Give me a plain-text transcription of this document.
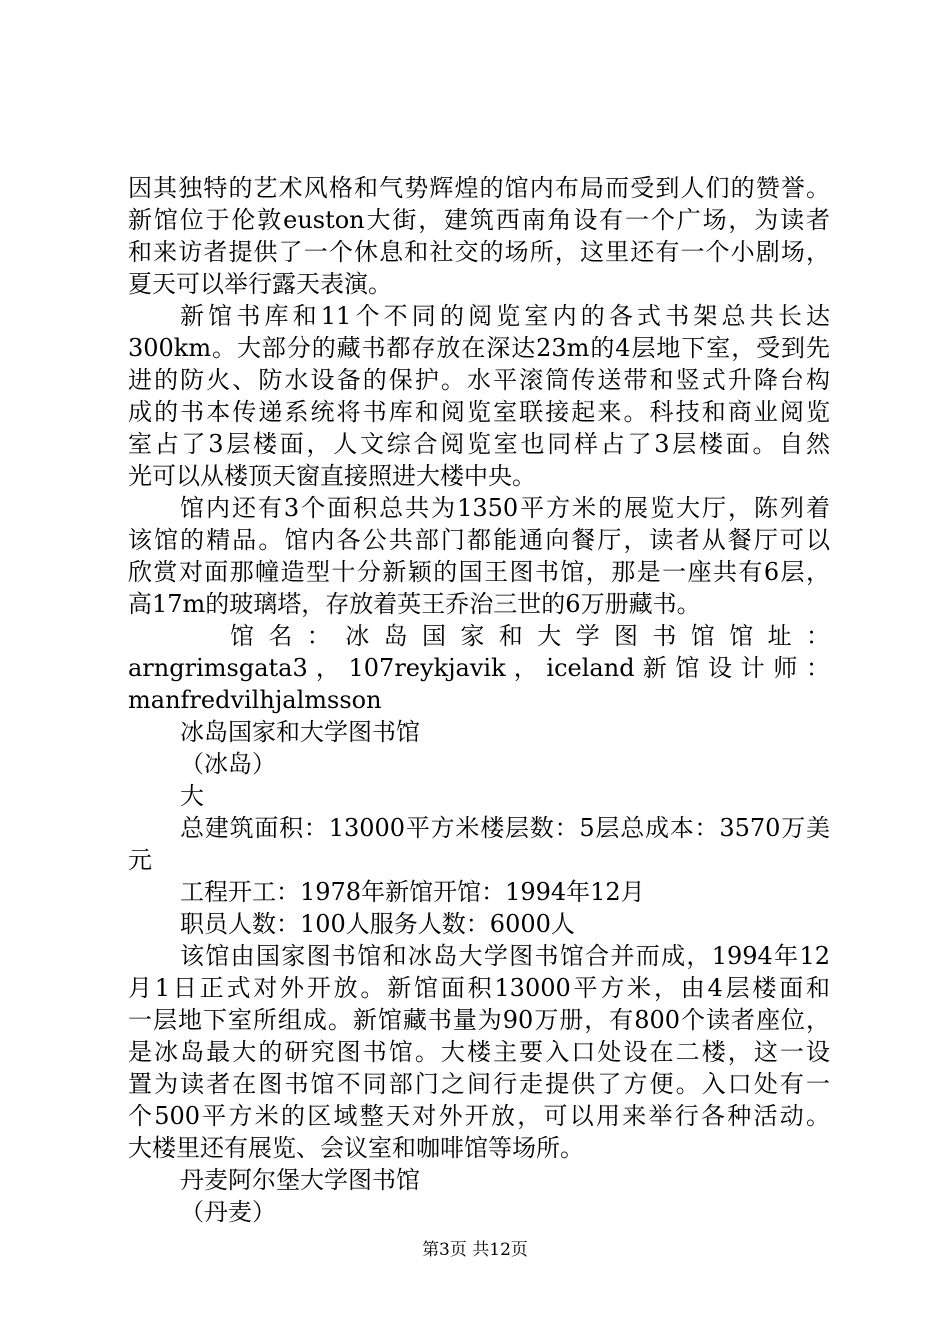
因其独特的艺术风格和气势辉煌的馆内布局而受到人们的赞誉。
新馆位于伦敦euston大街，建筑西南角设有一个广场，为读者
和来访者提供了一个休息和社交的场所，这里还有一个小剧场，
夏天可以举行露天表演。
新馆书库和11个不同的阅览室内的各式书架总共长达
300km。大部分的藏书都存放在深达23m的4层地下室，受到先
进的防火、防水设备的保护。水平滚筒传送带和竖式升降台构
成的书本传递系统将书库和阅览室联接起来。科技和商业阅览
室占了3层楼面，人文综合阅览室也同样占了3层楼面。自然
光可以从楼顶天窗直接照进大楼中央。
馆内还有3个面积总共为1350平方米的展览大厅，陈列着
该馆的精品。馆内各公共部门都能通向餐厅，读者从餐厅可以
欣赏对面那幢造型十分新颖的国王图书馆，那是一座共有6层，
高17m的玻璃塔，存放着英王乔治三世的6万册藏书。
馆 名 ： 冰 岛 国 家 和 大 学 图 书 馆 馆 址 ：
arngrimsgata3 ， 107reykjavik ， iceland 新 馆 设 计 师 ：
manfredvilhjalmsson
冰岛国家和大学图书馆
（冰岛）
大
总建筑面积：13000平方米楼层数：5层总成本：3570万美
元
工程开工：1978年新馆开馆：1994年12月
职员人数：100人服务人数：6000人
该馆由国家图书馆和冰岛大学图书馆合并而成，1994年12
月1日正式对外开放。新馆面积13000平方米，由4层楼面和
一层地下室所组成。新馆藏书量为90万册，有800个读者座位，
是冰岛最大的研究图书馆。大楼主要入口处设在二楼，这一设
置为读者在图书馆不同部门之间行走提供了方便。入口处有一
个500平方米的区域整天对外开放，可以用来举行各种活动。
大楼里还有展览、会议室和咖啡馆等场所。
丹麦阿尔堡大学图书馆
（丹麦）
第3页 共12页
